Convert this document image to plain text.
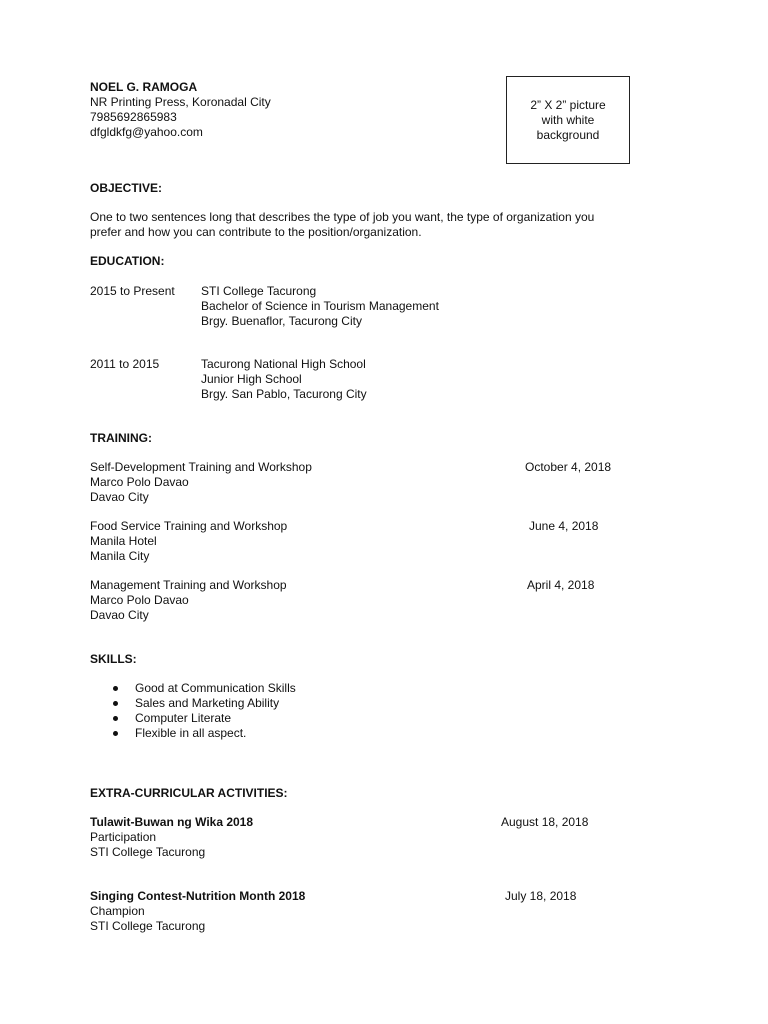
NOEL G. RAMOGA
NR Printing Press, Koronadal City
7985692865983
dfgldkfg@yahoo.com
2” X 2” picture
with white
background
OBJECTIVE:
One to two sentences long that describes the type of job you want, the type of organization you
prefer and how you can contribute to the position/organization.
EDUCATION:
2015 to Present	STI College Tacurong
Bachelor of Science in Tourism Management
Brgy. Buenaflor, Tacurong City
2011 to 2015	Tacurong National High School
Junior High School
Brgy. San Pablo, Tacurong City
TRAINING:
Self-Development Training and Workshop
Marco Polo Davao
Davao City
October 4, 2018
Food Service Training and Workshop
Manila Hotel
Manila City
June 4, 2018
Management Training and Workshop
Marco Polo Davao
Davao City
April 4, 2018
SKILLS:
Good at Communication Skills
Sales and Marketing Ability
Computer Literate
Flexible in all aspect.
EXTRA-CURRICULAR ACTIVITIES:
Tulawit-Buwan ng Wika 2018
Participation
STI College Tacurong
August 18, 2018
Singing Contest-Nutrition Month 2018
Champion
STI College Tacurong
July 18, 2018
